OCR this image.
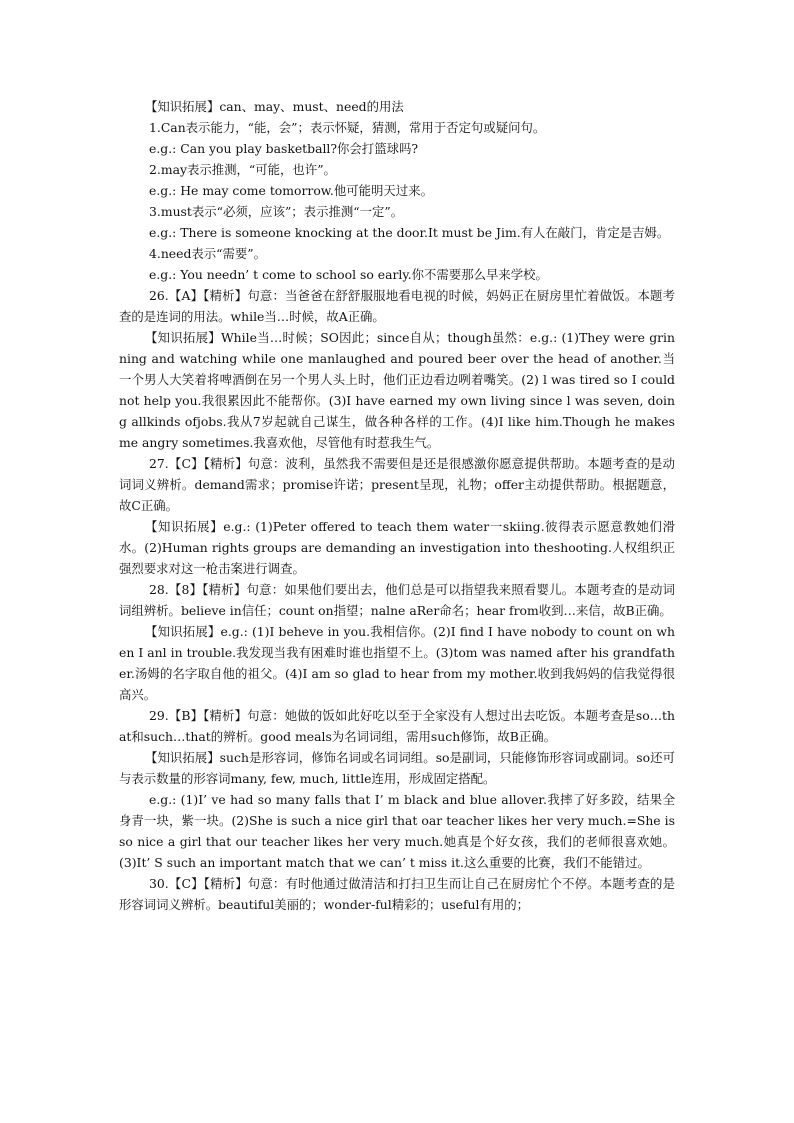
【知识拓展】can、may、must、need的用法

1.Can表示能力，“能，会”；表示怀疑，猜测，常用于否定句或疑问句。

e.g.: Can you play basketball?你会打篮球吗?

2.may表示推测，“可能，也许”。

e.g.: He may come tomorrow.他可能明天过来。

3.must表示“必须，应该”；表示推测“一定”。

e.g.: There is someone knocking at the door.It must be Jim.有人在敲门，肯定是吉姆。

4.need表示“需要”。

e.g.: You needn’ t come to school so early.你不需要那么早来学校。

26.【A】【精析】句意：当爸爸在舒舒服服地看电视的时候，妈妈正在厨房里忙着做饭。本题考查的是连词的用法。while当…时候，故A正确。

【知识拓展】While当…时候；SO因此；since自从；though虽然：e.g.: (1)They were grinning and watching while one manlaughed and poured beer over the head of another.当一个男人大笑着将啤酒倒在另一个男人头上时，他们正边看边咧着嘴笑。(2) l was tired so I could not help you.我很累因此不能帮你。(3)I have earned my own living since l was seven, doing allkinds ofjobs.我从7岁起就自己谋生，做各种各样的工作。(4)I like him.Though he makes me angry sometimes.我喜欢他，尽管他有时惹我生气。

27.【C】【精析】句意：波利，虽然我不需要但是还是很感激你愿意提供帮助。本题考查的是动词词义辨析。demand需求；promise许诺；present呈现，礼物；offer主动提供帮助。根据题意，故C正确。

【知识拓展】e.g.: (1)Peter offered to teach them water一skiing.彼得表示愿意教她们滑水。(2)Human rights groups are demanding an investigation into theshooting.人权组织正强烈要求对这一枪击案进行调查。

28.【8】【精析】句意：如果他们要出去，他们总是可以指望我来照看婴儿。本题考查的是动词词组辨析。believe in信任；count on指望；nalne aRer命名；hear from收到…来信，故B正确。

【知识拓展】e.g.: (1)I beheve in you.我相信你。(2)I find I have nobody to count on when I anl in trouble.我发现当我有困难时谁也指望不上。(3)tom was named after his grandfather.汤姆的名字取自他的祖父。(4)I am so glad to hear from my mother.收到我妈妈的信我觉得很高兴。

29.【B】【精析】句意：她做的饭如此好吃以至于全家没有人想过出去吃饭。本题考查是so…that和such…that的辨析。good meals为名词词组，需用such修饰，故B正确。

【知识拓展】such是形容词，修饰名词或名词词组。so是副词，只能修饰形容词或副词。so还可与表示数量的形容词many, few, much, little连用，形成固定搭配。

e.g.: (1)I’ ve had so many falls that I’ m black and blue allover.我摔了好多跤，结果全身青一块，紫一块。(2)She is such a nice girl that oar teacher likes her very much.=She is so nice a girl that our teacher likes her very much.她真是个好女孩，我们的老师很喜欢她。(3)It’ S such an important match that we can’ t miss it.这么重要的比赛，我们不能错过。

30.【C】【精析】句意：有时他通过做清洁和打扫卫生而让自己在厨房忙个不停。本题考查的是形容词词义辨析。beautiful美丽的；wonder-ful精彩的；useful有用的；
